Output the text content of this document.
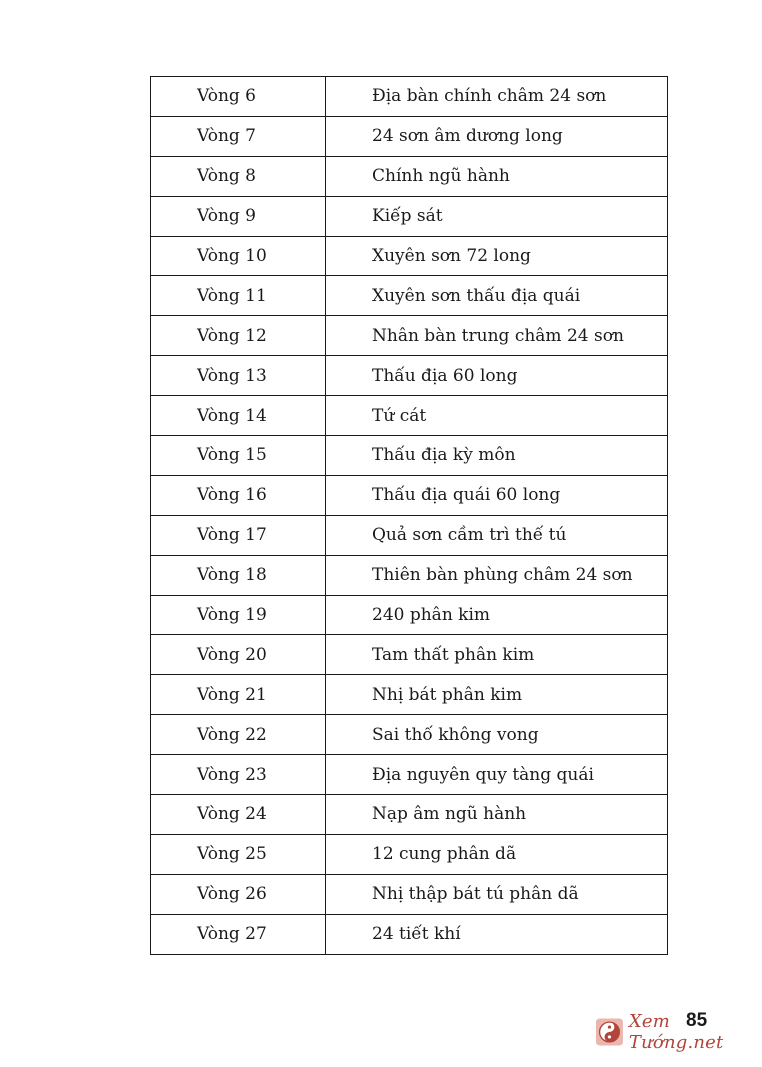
Vòng 6	Địa bàn chính châm 24 sơn
Vòng 7	24 sơn âm dương long
Vòng 8	Chính ngũ hành
Vòng 9	Kiếp sát
Vòng 10	Xuyên sơn 72 long
Vòng 11	Xuyên sơn thấu địa quái
Vòng 12	Nhân bàn trung châm 24 sơn
Vòng 13	Thấu địa 60 long
Vòng 14	Tứ cát
Vòng 15	Thấu địa kỳ môn
Vòng 16	Thấu địa quái 60 long
Vòng 17	Quả sơn cầm trì thế tú
Vòng 18	Thiên bàn phùng châm 24 sơn
Vòng 19	240 phân kim
Vòng 20	Tam thất phân kim
Vòng 21	Nhị bát phân kim
Vòng 22	Sai thố không vong
Vòng 23	Địa nguyên quy tàng quái
Vòng 24	Nạp âm ngũ hành
Vòng 25	12 cung phân dã
Vòng 26	Nhị thập bát tú phân dã
Vòng 27	24 tiết khí
85
Xem Tướng.net
